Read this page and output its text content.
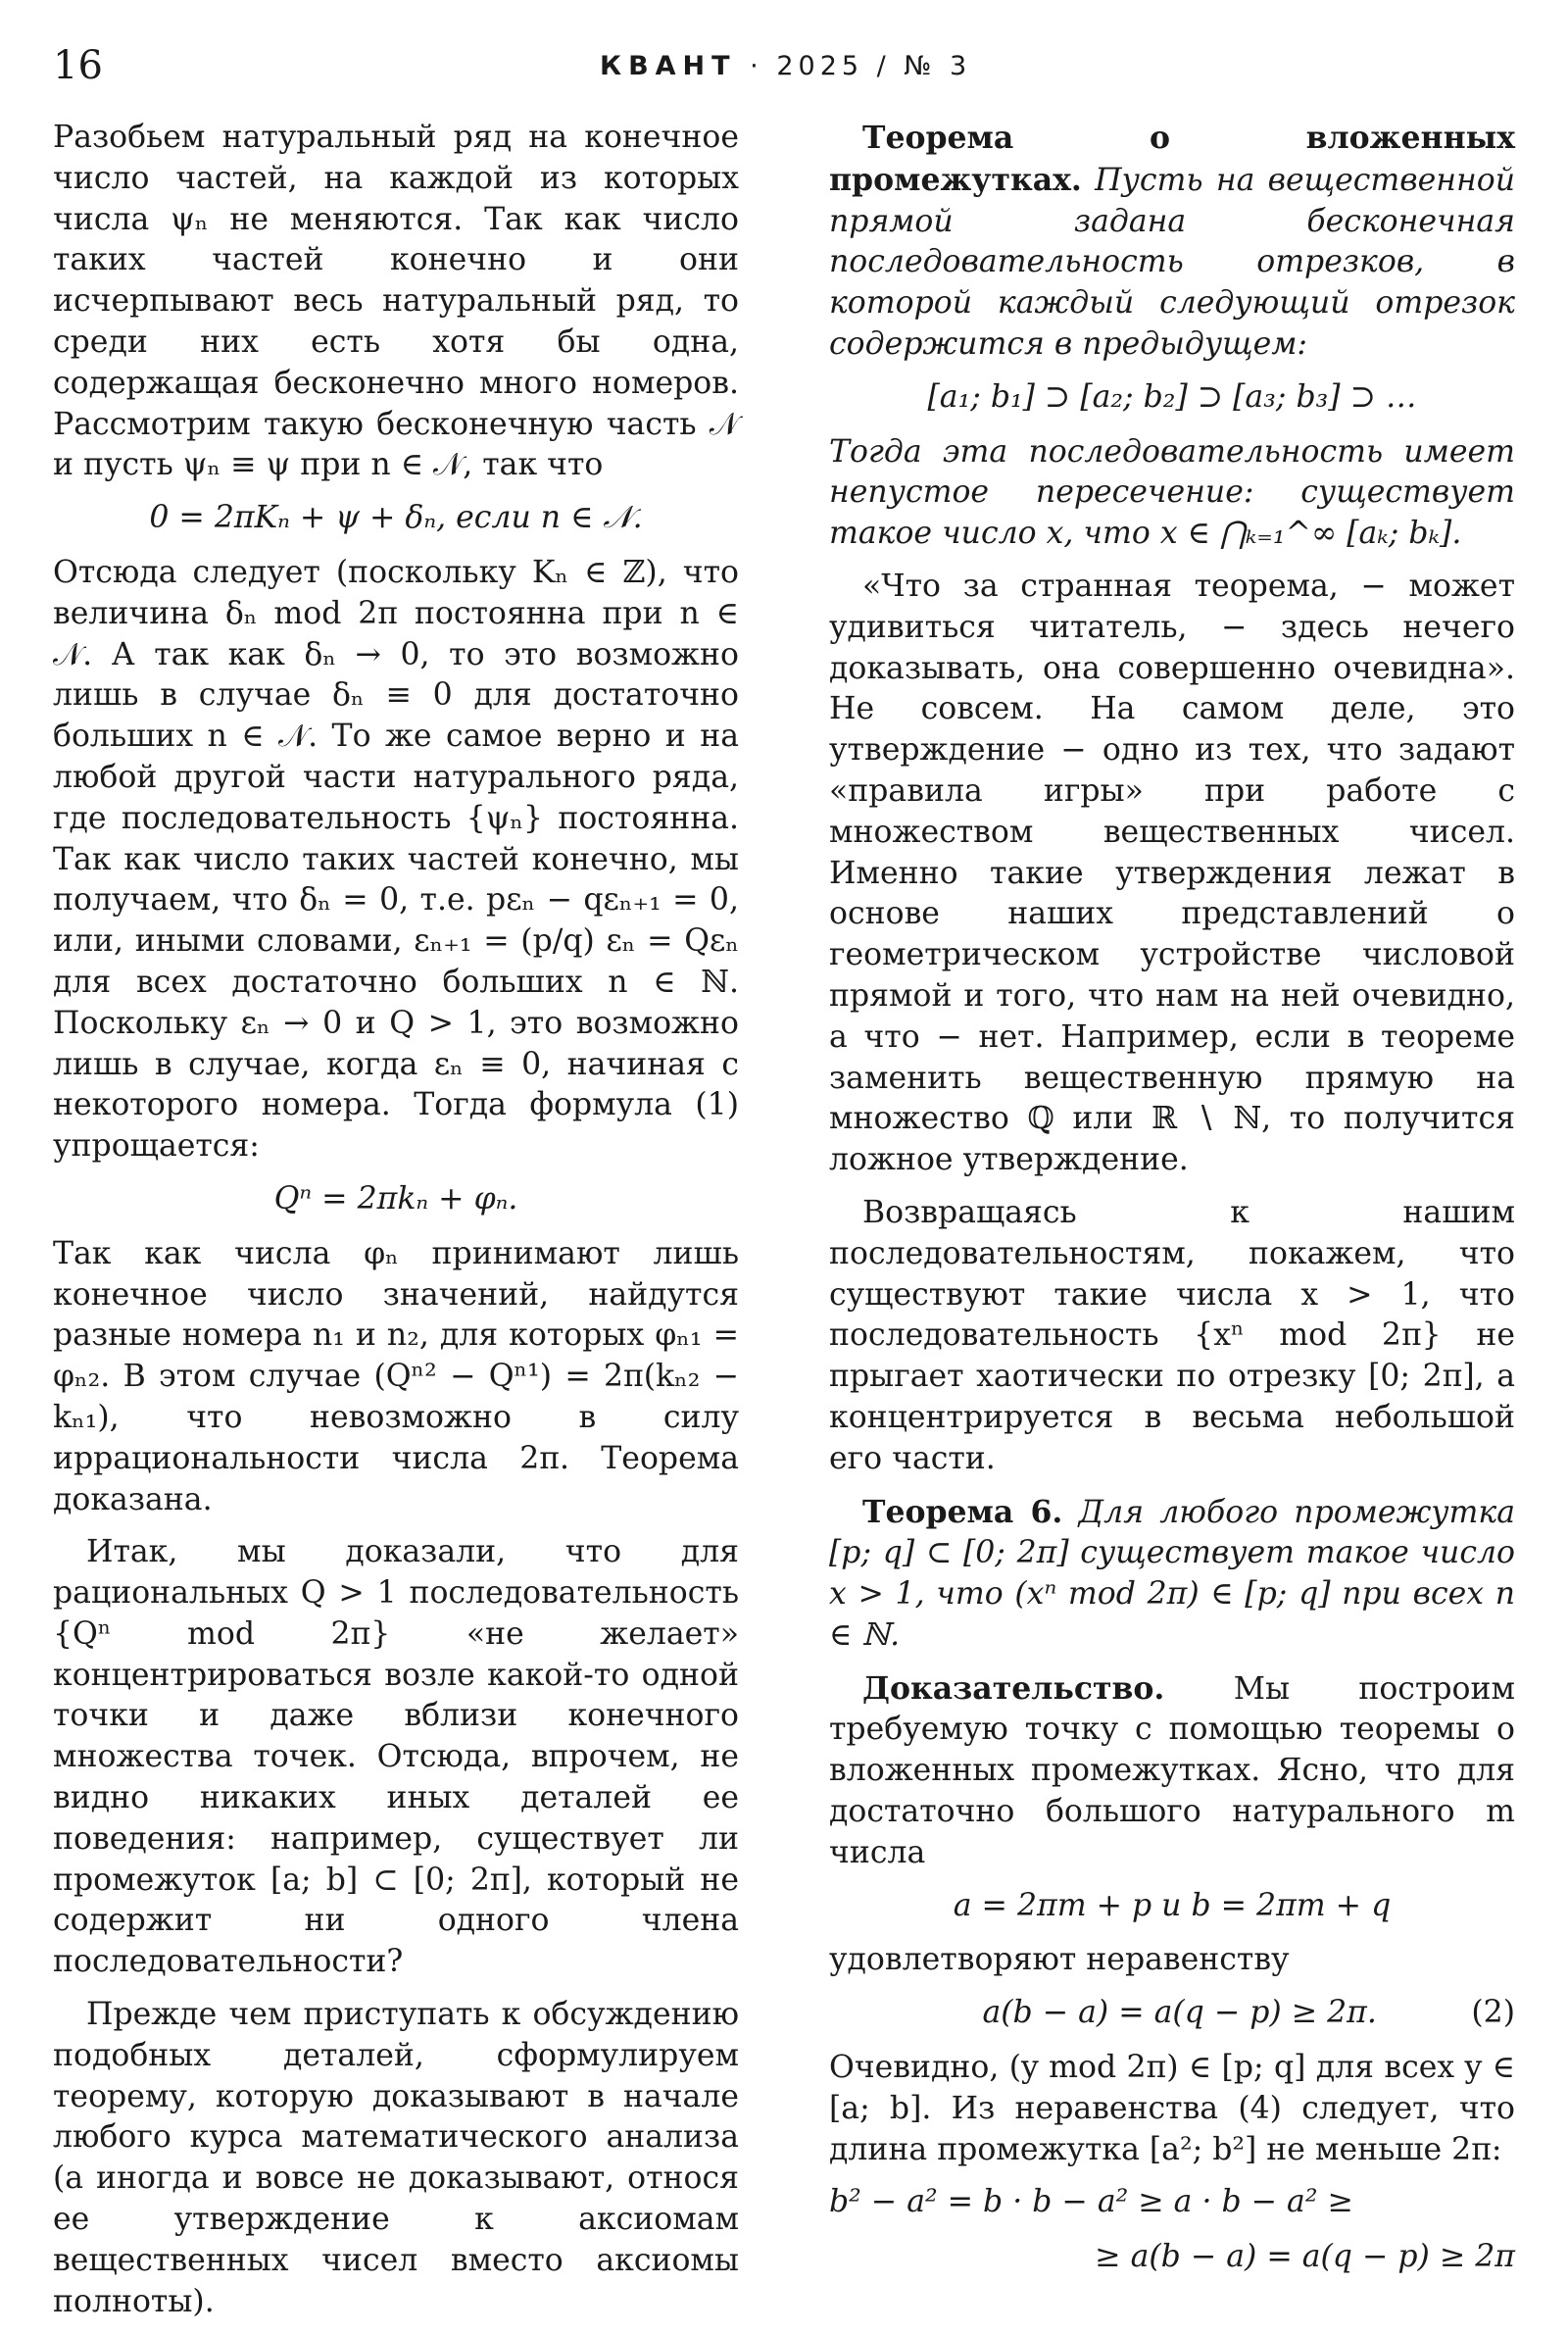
16	КВАНТ · 2025 / № 3

Разобьем натуральный ряд на конечное число частей, на каждой из которых числа ψₙ не меняются. Так как число таких частей конечно и они исчерпывают весь натуральный ряд, то среди них есть хотя бы одна, содержащая бесконечно много номеров. Рассмотрим такую бесконечную часть 𝒩 и пусть ψₙ ≡ ψ при n ∈ 𝒩, так что

0 = 2πKₙ + ψ + δₙ, если n ∈ 𝒩.

Отсюда следует (поскольку Kₙ ∈ ℤ), что величина δₙ mod 2π постоянна при n ∈ 𝒩. А так как δₙ → 0, то это возможно лишь в случае δₙ ≡ 0 для достаточно больших n ∈ 𝒩. То же самое верно и на любой другой части натурального ряда, где последовательность {ψₙ} постоянна. Так как число таких частей конечно, мы получаем, что δₙ = 0, т.е. pεₙ − qεₙ₊₁ = 0, или, иными словами, εₙ₊₁ = (p/q) εₙ = Qεₙ для всех достаточно больших n ∈ ℕ. Поскольку εₙ → 0 и Q > 1, это возможно лишь в случае, когда εₙ ≡ 0, начиная с некоторого номера. Тогда формула (1) упрощается:

Qⁿ = 2πkₙ + φₙ.

Так как числа φₙ принимают лишь конечное число значений, найдутся разные номера n₁ и n₂, для которых φₙ₁ = φₙ₂. В этом случае (Qⁿ² − Qⁿ¹) = 2π(kₙ₂ − kₙ₁), что невозможно в силу иррациональности числа 2π. Теорема доказана.

Итак, мы доказали, что для рациональных Q > 1 последовательность {Qⁿ mod 2π} «не желает» концентрироваться возле какой-то одной точки и даже вблизи конечного множества точек. Отсюда, впрочем, не видно никаких иных деталей ее поведения: например, существует ли промежуток [a; b] ⊂ [0; 2π], который не содержит ни одного члена последовательности?

Прежде чем приступать к обсуждению подобных деталей, сформулируем теорему, которую доказывают в начале любого курса математического анализа (а иногда и вовсе не доказывают, относя ее утверждение к аксиомам вещественных чисел вместо аксиомы полноты).

Теорема о вложенных промежутках. Пусть на вещественной прямой задана бесконечная последовательность отрезков, в которой каждый следующий отрезок содержится в предыдущем:

[a₁; b₁] ⊃ [a₂; b₂] ⊃ [a₃; b₃] ⊃ …

Тогда эта последовательность имеет непустое пересечение: существует такое число x, что x ∈ ⋂ₖ₌₁^∞ [aₖ; bₖ].

«Что за странная теорема, − может удивиться читатель, − здесь нечего доказывать, она совершенно очевидна». Не совсем. На самом деле, это утверждение − одно из тех, что задают «правила игры» при работе с множеством вещественных чисел. Именно такие утверждения лежат в основе наших представлений о геометрическом устройстве числовой прямой и того, что нам на ней очевидно, а что − нет. Например, если в теореме заменить вещественную прямую на множество ℚ или ℝ ∖ ℕ, то получится ложное утверждение.

Возвращаясь к нашим последовательностям, покажем, что существуют такие числа x > 1, что последовательность {xⁿ mod 2π} не прыгает хаотически по отрезку [0; 2π], а концентрируется в весьма небольшой его части.

Теорема 6. Для любого промежутка [p; q] ⊂ [0; 2π] существует такое число x > 1, что (xⁿ mod 2π) ∈ [p; q] при всех n ∈ ℕ.

Доказательство. Мы построим требуемую точку с помощью теоремы о вложенных промежутках. Ясно, что для достаточно большого натурального m числа

a = 2πm + p и b = 2πm + q

удовлетворяют неравенству

a(b − a) = a(q − p) ≥ 2π.	(2)

Очевидно, (y mod 2π) ∈ [p; q] для всех y ∈ [a; b]. Из неравенства (4) следует, что длина промежутка [a²; b²] не меньше 2π:

b² − a² = b · b − a² ≥ a · b − a² ≥
≥ a(b − a) = a(q − p) ≥ 2π
